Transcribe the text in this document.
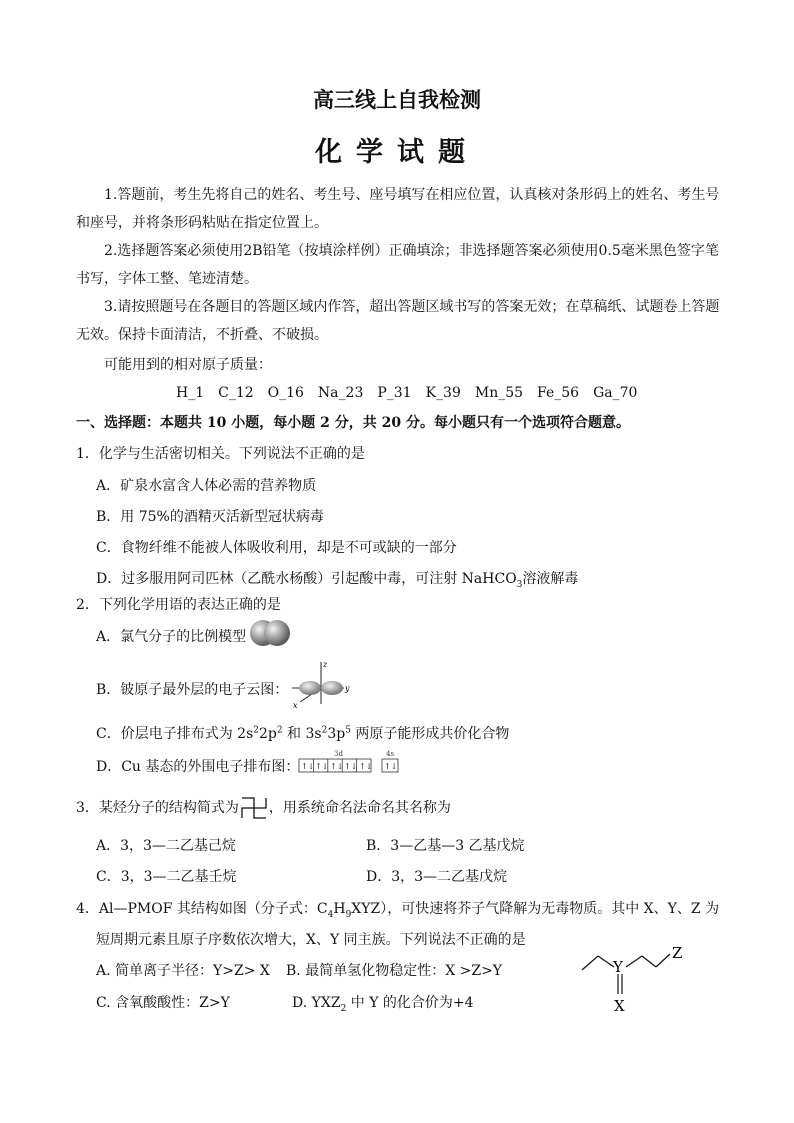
高三线上自我检测
化学试题
1.答题前，考生先将自己的姓名、考生号、座号填写在相应位置，认真核对条形码上的姓名、考生号和座号，并将条形码粘贴在指定位置上。
2.选择题答案必须使用2B铅笔（按填涂样例）正确填涂；非选择题答案必须使用0.5毫米黑色签字笔书写，字体工整、笔迹清楚。
3.请按照题号在各题目的答题区域内作答，超出答题区域书写的答案无效；在草稿纸、试题卷上答题无效。保持卡面清洁，不折叠、不破损。
可能用到的相对原子质量：
H_1　C_12　O_16　Na_23　P_31　K_39　Mn_55　Fe_56　Ga_70
一、选择题：本题共 10 小题，每小题 2 分，共 20 分。每小题只有一个选项符合题意。
1．化学与生活密切相关。下列说法不正确的是
A．矿泉水富含人体必需的营养物质
B．用 75%的酒精灭活新型冠状病毒
C．食物纤维不能被人体吸收利用，却是不可或缺的一部分
D．过多服用阿司匹林（乙酰水杨酸）引起酸中毒，可注射 NaHCO$_3$溶液解毒
2．下列化学用语的表达正确的是
A．氯气分子的比例模型
B．铍原子最外层的电子云图：
z
y
x
C．价层电子排布式为 $2s^22p^2$ 和 $3s^23p^5$ 两原子能形成共价化合物
D．Cu 基态的外围电子排布图：
3d	4s
↑↓ ↑↓ ↑↓ ↑↓ ↑↓ ↑↓
3．某烃分子的结构简式为 ，用系统命名法命名其名称为
A．3，3—二乙基己烷	B．3—乙基—3 乙基戊烷
C．3，3—二乙基壬烷	D．3，3—二乙基戊烷
4．Al—PMOF 其结构如图（分子式：$C_4H_9XYZ$），可快速将芥子气降解为无毒物质。其中 X、Y、Z 为
短周期元素且原子序数依次增大，X、Y 同主族。下列说法不正确的是
A. 简单离子半径：Y>Z> X B. 最简单氢化物稳定性：X >Z>Y
C. 含氧酸酸性：Z>Y	D. $YXZ_2$ 中 Y 的化合价为+4
Y
Z
X
